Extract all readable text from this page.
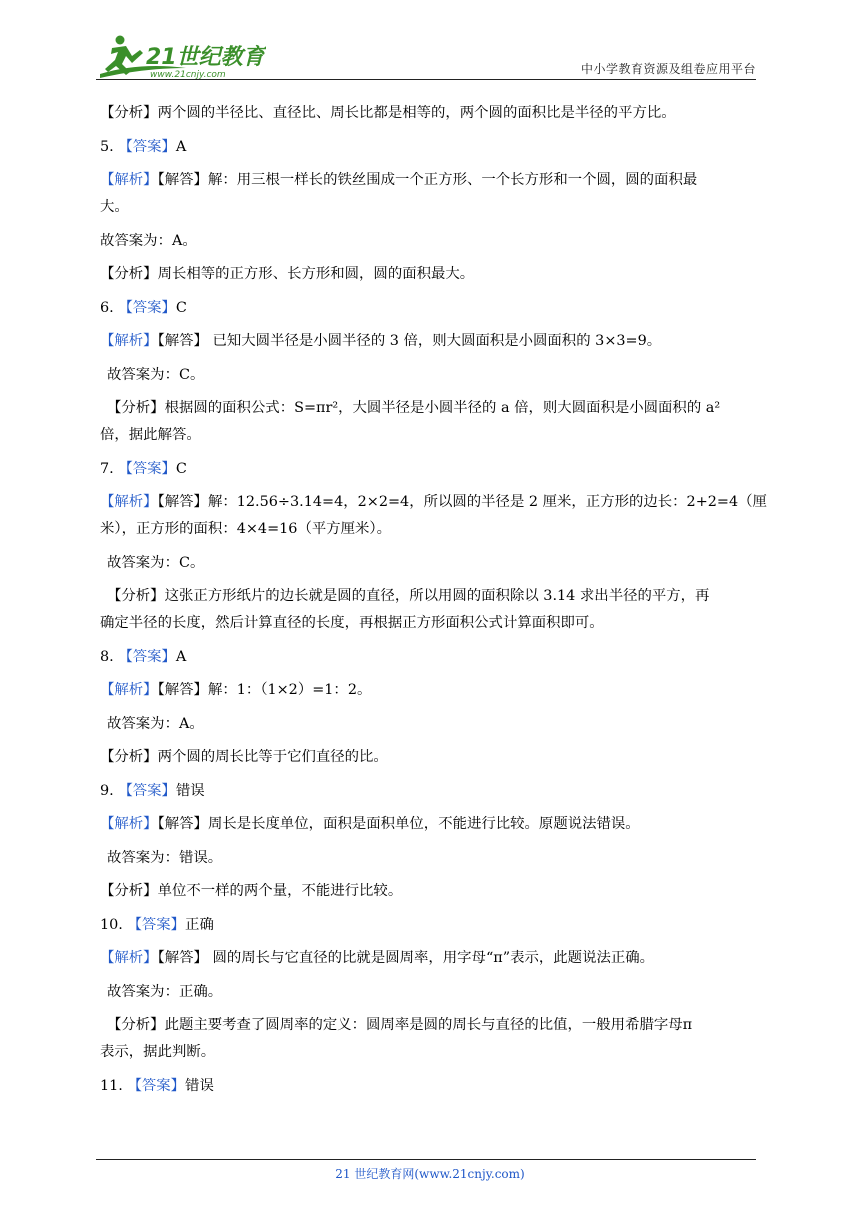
21世纪教育
www.21cnjy.com	中小学教育资源及组卷应用平台
【分析】两个圆的半径比、直径比、周长比都是相等的，两个圆的面积比是半径的平方比。
5. 【答案】A
【解析】【解答】解：用三根一样长的铁丝围成一个正方形、一个长方形和一个圆，圆的面积最
大。
故答案为：A。
【分析】周长相等的正方形、长方形和圆，圆的面积最大。
6. 【答案】C
【解析】【解答】 已知大圆半径是小圆半径的 3 倍，则大圆面积是小圆面积的 3×3=9。
故答案为：C。
【分析】根据圆的面积公式：S=πr²，大圆半径是小圆半径的 a 倍，则大圆面积是小圆面积的 a²
倍，据此解答。
7. 【答案】C
【解析】【解答】解：12.56÷3.14=4，2×2=4，所以圆的半径是 2 厘米，正方形的边长：2+2=4（厘
米），正方形的面积：4×4=16（平方厘米）。
故答案为：C。
【分析】这张正方形纸片的边长就是圆的直径，所以用圆的面积除以 3.14 求出半径的平方，再
确定半径的长度，然后计算直径的长度，再根据正方形面积公式计算面积即可。
8. 【答案】A
【解析】【解答】解：1：（1×2）=1：2。
故答案为：A。
【分析】两个圆的周长比等于它们直径的比。
9. 【答案】错误
【解析】【解答】周长是长度单位，面积是面积单位，不能进行比较。原题说法错误。
故答案为：错误。
【分析】单位不一样的两个量，不能进行比较。
10. 【答案】正确
【解析】【解答】 圆的周长与它直径的比就是圆周率，用字母“π”表示，此题说法正确。
故答案为：正确。
【分析】此题主要考查了圆周率的定义：圆周率是圆的周长与直径的比值，一般用希腊字母π
表示，据此判断。
11. 【答案】错误
21 世纪教育网(www.21cnjy.com)
